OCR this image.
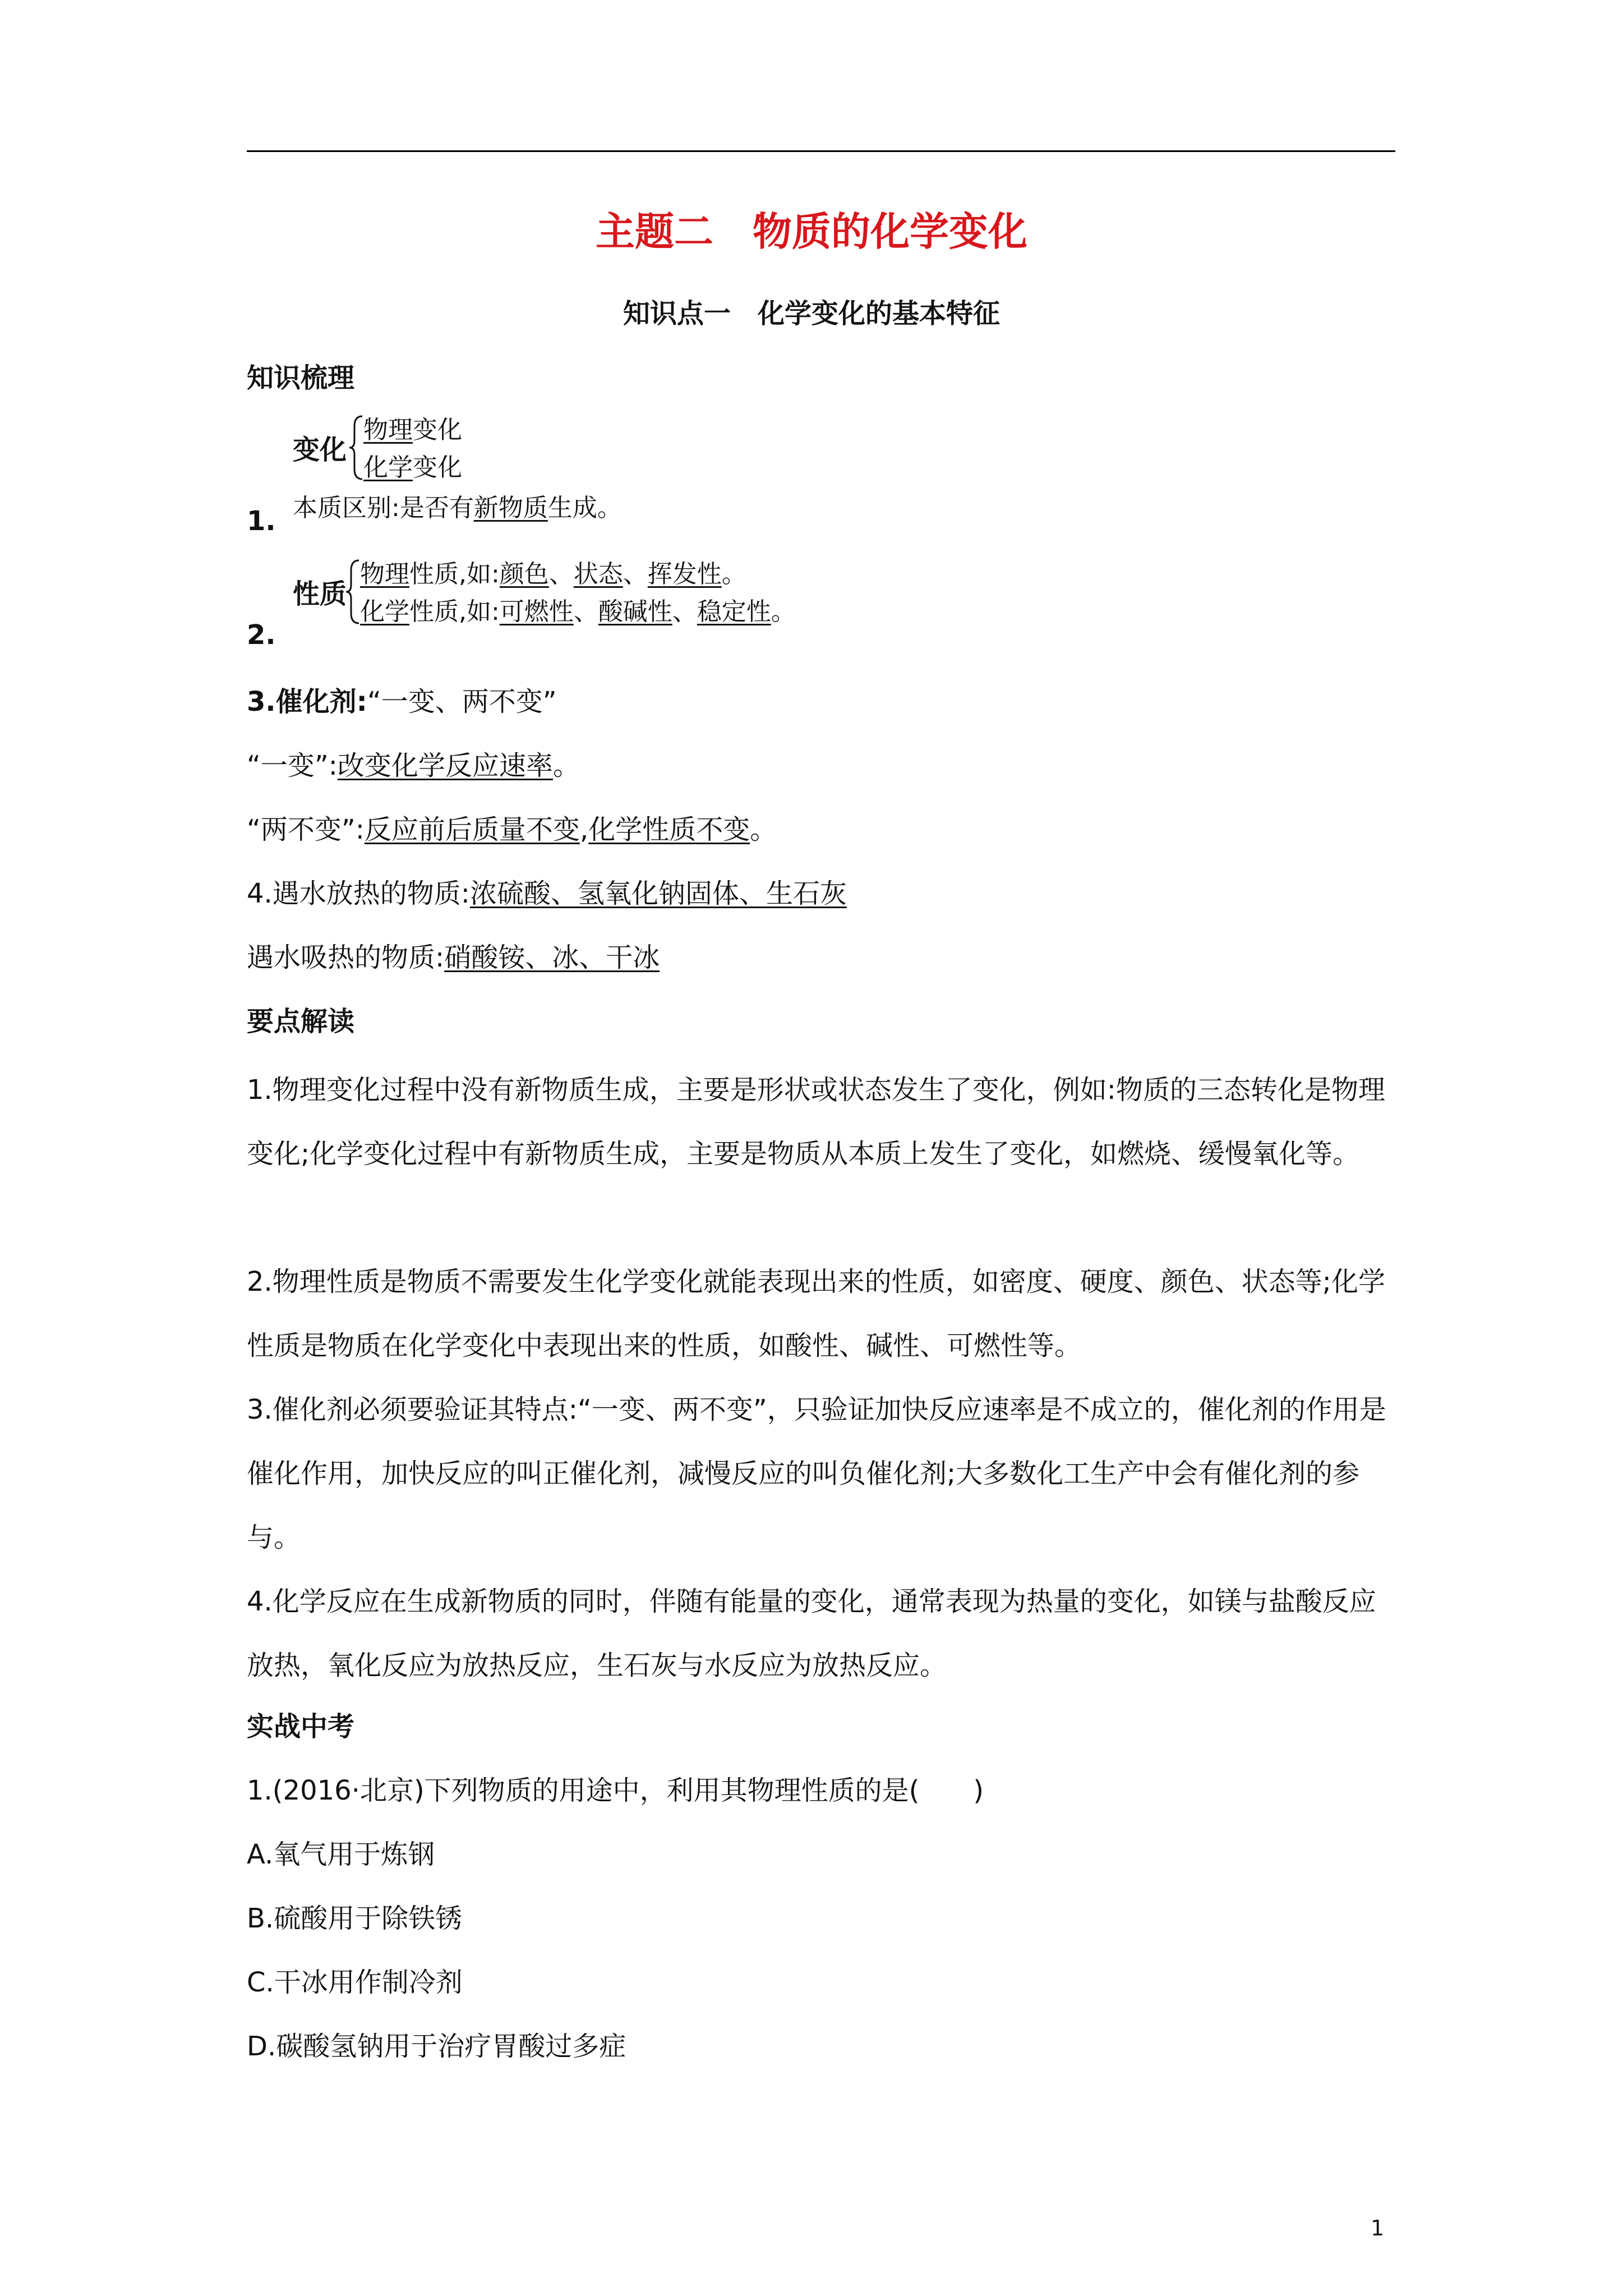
主题二　物质的化学变化
知识点一　化学变化的基本特征
知识梳理
变化
物理变化
化学变化
1. 本质区别:是否有新物质生成。
性质
物理性质,如:颜色、状态、挥发性。
化学性质,如:可燃性、酸碱性、稳定性。
2.
3.催化剂:“一变、两不变”
“一变”:改变化学反应速率。
“两不变”:反应前后质量不变,化学性质不变。
4.遇水放热的物质:浓硫酸、氢氧化钠固体、生石灰
遇水吸热的物质:硝酸铵、冰、干冰
要点解读
1.物理变化过程中没有新物质生成，主要是形状或状态发生了变化，例如:物质的三态转化是物理变化;化学变化过程中有新物质生成，主要是物质从本质上发生了变化，如燃烧、缓慢氧化等。
2.物理性质是物质不需要发生化学变化就能表现出来的性质，如密度、硬度、颜色、状态等;化学性质是物质在化学变化中表现出来的性质，如酸性、碱性、可燃性等。
3.催化剂必须要验证其特点:“一变、两不变”，只验证加快反应速率是不成立的，催化剂的作用是催化作用，加快反应的叫正催化剂，减慢反应的叫负催化剂;大多数化工生产中会有催化剂的参与。
4.化学反应在生成新物质的同时，伴随有能量的变化，通常表现为热量的变化，如镁与盐酸反应放热，氧化反应为放热反应，生石灰与水反应为放热反应。
实战中考
1.(2016·北京)下列物质的用途中，利用其物理性质的是(　　)
A.氧气用于炼钢
B.硫酸用于除铁锈
C.干冰用作制冷剂
D.碳酸氢钠用于治疗胃酸过多症
1
